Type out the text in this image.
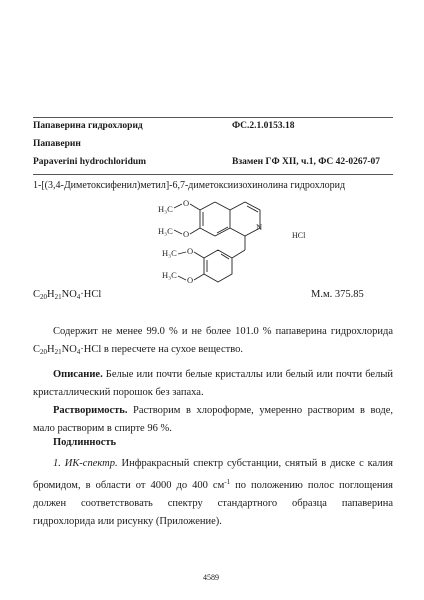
Папаверина гидрохлорид	ФС.2.1.0153.18
Папаверин
Papaverini hydrochloridum	Взамен ГФ XII, ч.1, ФС 42-0267-07
1-[(3,4-Диметоксифенил)метил]-6,7-диметоксиизохинолина гидрохлорид
O
O
H₃C
H₃C	N
O
O
H₃C
H₃C
HCl
$C_{20}H_{21}NO_4\cdot HCl$	М.м. 375.85
Содержит не менее 99.0 % и не более 101.0 % папаверина гидрохлорида $C_{20}H_{21}NO_4\cdot HCl$ в пересчете на сухое вещество.
Описание. Белые или почти белые кристаллы или белый или почти белый кристаллический порошок без запаха.
Растворимость. Растворим в хлороформе, умеренно растворим в воде, мало растворим в спирте 96 %.
Подлинность
1. ИК-спектр. Инфракрасный спектр субстанции, снятый в диске с калия бромидом, в области от 4000 до 400 $см^{-1}$ по положению полос поглощения должен соответствовать спектру стандартного образца папаверина гидрохлорида или рисунку (Приложение).
4589
